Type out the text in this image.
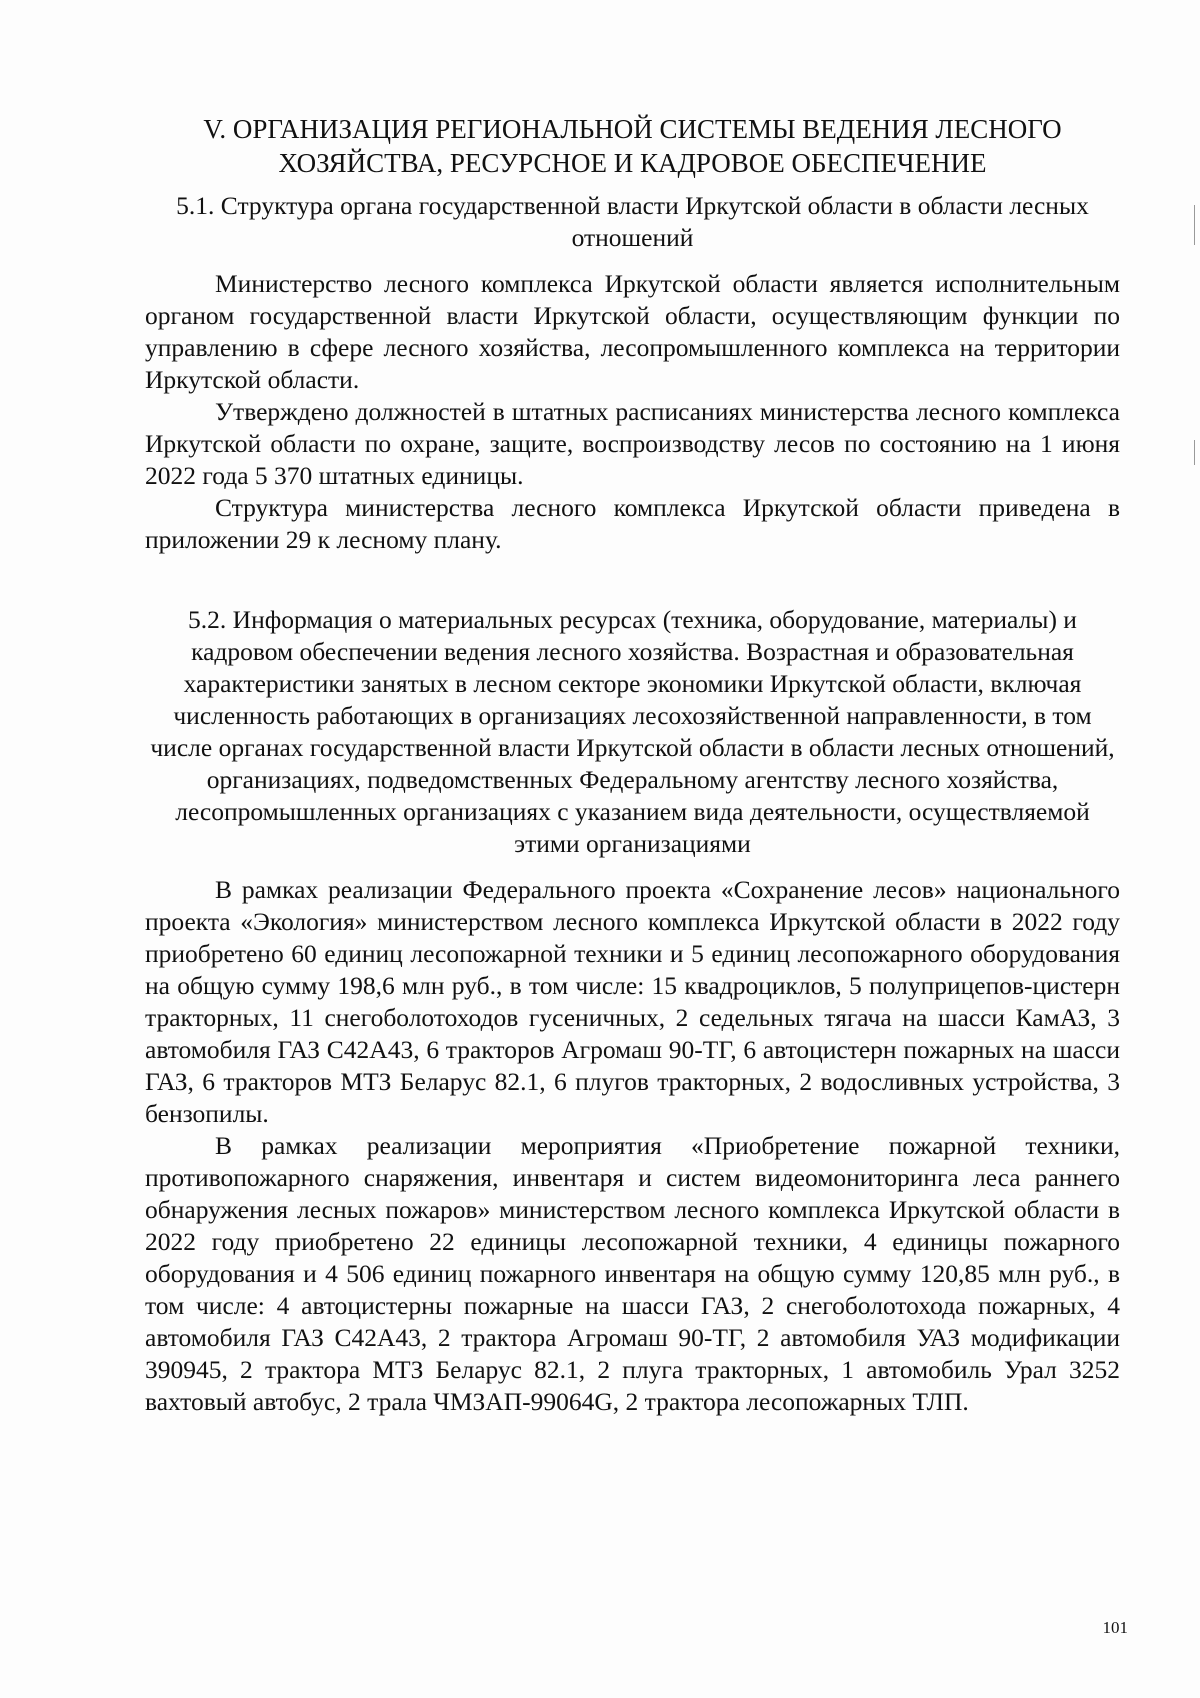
V. ОРГАНИЗАЦИЯ РЕГИОНАЛЬНОЙ СИСТЕМЫ ВЕДЕНИЯ ЛЕСНОГО ХОЗЯЙСТВА, РЕСУРСНОЕ И КАДРОВОЕ ОБЕСПЕЧЕНИЕ
5.1. Структура органа государственной власти Иркутской области в области лесных отношений

Министерство лесного комплекса Иркутской области является исполнительным органом государственной власти Иркутской области, осуществляющим функции по управлению в сфере лесного хозяйства, лесопромышленного комплекса на территории Иркутской области.

Утверждено должностей в штатных расписаниях министерства лесного комплекса Иркутской области по охране, защите, воспроизводству лесов по состоянию на 1 июня 2022 года 5 370 штатных единицы.

Структура министерства лесного комплекса Иркутской области приведена в приложении 29 к лесному плану.

5.2. Информация о материальных ресурсах (техника, оборудование, материалы) и кадровом обеспечении ведения лесного хозяйства. Возрастная и образовательная характеристики занятых в лесном секторе экономики Иркутской области, включая численность работающих в организациях лесохозяйственной направленности, в том числе органах государственной власти Иркутской области в области лесных отношений, организациях, подведомственных Федеральному агентству лесного хозяйства, лесопромышленных организациях с указанием вида деятельности, осуществляемой этими организациями

В рамках реализации Федерального проекта «Сохранение лесов» национального проекта «Экология» министерством лесного комплекса Иркутской области в 2022 году приобретено 60 единиц лесопожарной техники и 5 единиц лесопожарного оборудования на общую сумму 198,6 млн руб., в том числе: 15 квадроциклов, 5 полуприцепов-цистерн тракторных, 11 снегоболотоходов гусеничных, 2 седельных тягача на шасси КамАЗ, 3 автомобиля ГАЗ С42А43, 6 тракторов Агромаш 90-ТГ, 6 автоцистерн пожарных на шасси ГАЗ, 6 тракторов МТЗ Беларус 82.1, 6 плугов тракторных, 2 водосливных устройства, 3 бензопилы.

В рамках реализации мероприятия «Приобретение пожарной техники, противопожарного снаряжения, инвентаря и систем видеомониторинга леса раннего обнаружения лесных пожаров» министерством лесного комплекса Иркутской области в 2022 году приобретено 22 единицы лесопожарной техники, 4 единицы пожарного оборудования и 4 506 единиц пожарного инвентаря на общую сумму 120,85 млн руб., в том числе: 4 автоцистерны пожарные на шасси ГАЗ, 2 снегоболотохода пожарных, 4 автомобиля ГАЗ С42А43, 2 трактора Агромаш 90-ТГ, 2 автомобиля УАЗ модификации 390945, 2 трактора МТЗ Беларус 82.1, 2 плуга тракторных, 1 автомобиль Урал 3252 вахтовый автобус, 2 трала ЧМЗАП-99064G, 2 трактора лесопожарных ТЛП.

101
